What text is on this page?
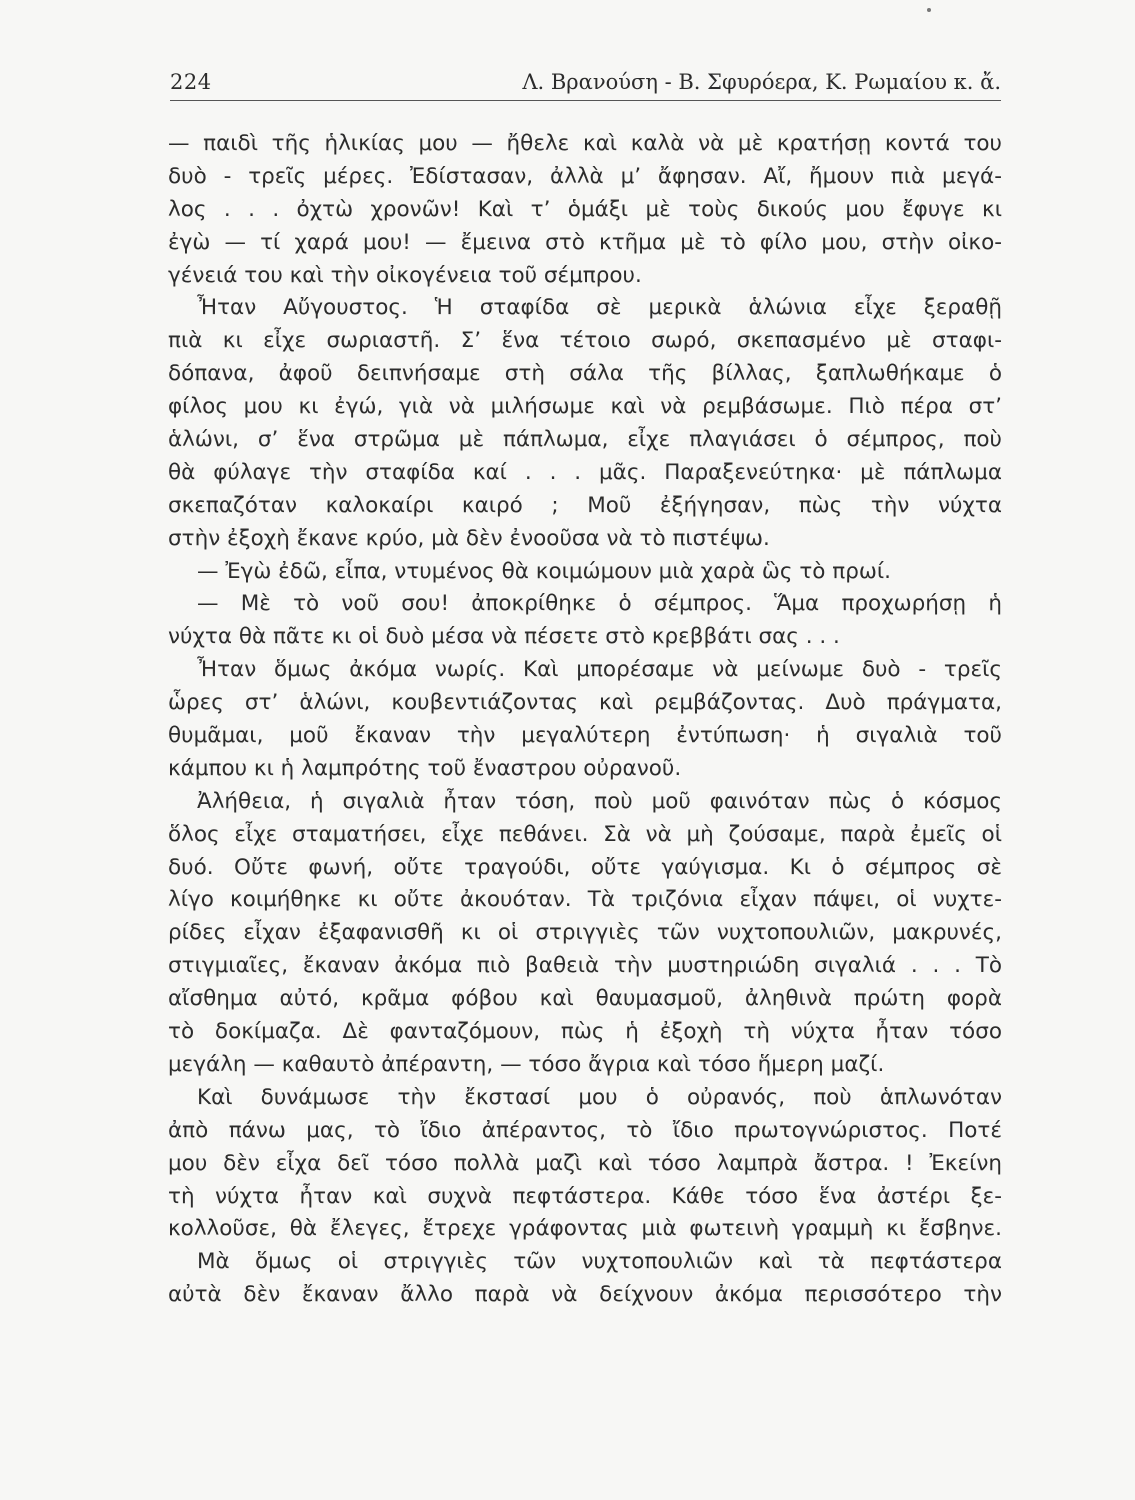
224	Λ. Βρανούση - Β. Σφυρόερα, Κ. Ρωμαίου κ. ἄ.
— παιδὶ τῆς ἡλικίας μου — ἤθελε καὶ καλὰ νὰ μὲ κρατήσῃ κοντά του
δυὸ - τρεῖς μέρες. Ἐδίστασαν, ἀλλὰ μ’ ἄφησαν. Αἴ, ἤμουν πιὰ μεγά-
λος . . . ὀχτὼ χρονῶν! Καὶ τ’ ὁμάξι μὲ τοὺς δικούς μου ἔφυγε κι
ἐγὼ — τί χαρά μου! — ἔμεινα στὸ κτῆμα μὲ τὸ φίλο μου, στὴν οἰκο-
γένειά του καὶ τὴν οἰκογένεια τοῦ σέμπρου.
Ἦταν Αὔγουστος. Ἡ σταφίδα σὲ μερικὰ ἁλώνια εἶχε ξεραθῇ
πιὰ κι εἶχε σωριαστῆ. Σ’ ἕνα τέτοιο σωρό, σκεπασμένο μὲ σταφι-
δόπανα, ἀφοῦ δειπνήσαμε στὴ σάλα τῆς βίλλας, ξαπλωθήκαμε ὁ
φίλος μου κι ἐγώ, γιὰ νὰ μιλήσωμε καὶ νὰ ρεμβάσωμε. Πιὸ πέρα στ’
ἁλώνι, σ’ ἕνα στρῶμα μὲ πάπλωμα, εἶχε πλαγιάσει ὁ σέμπρος, ποὺ
θὰ φύλαγε τὴν σταφίδα καί . . . μᾶς. Παραξενεύτηκα· μὲ πάπλωμα
σκεπαζόταν καλοκαίρι καιρό ; Μοῦ ἐξήγησαν, πὼς τὴν νύχτα
στὴν ἐξοχὴ ἔκανε κρύο, μὰ δὲν ἐνοοῦσα νὰ τὸ πιστέψω.
— Ἐγὼ ἐδῶ, εἶπα, ντυμένος θὰ κοιμώμουν μιὰ χαρὰ ὣς τὸ πρωί.
— Μὲ τὸ νοῦ σου! ἀποκρίθηκε ὁ σέμπρος. Ἅμα προχωρήσῃ ἡ
νύχτα θὰ πᾶτε κι οἱ δυὸ μέσα νὰ πέσετε στὸ κρεββάτι σας . . .
Ἦταν ὅμως ἀκόμα νωρίς. Καὶ μπορέσαμε νὰ μείνωμε δυὸ - τρεῖς
ὧρες στ’ ἁλώνι, κουβεντιάζοντας καὶ ρεμβάζοντας. Δυὸ πράγματα,
θυμᾶμαι, μοῦ ἔκαναν τὴν μεγαλύτερη ἐντύπωση· ἡ σιγαλιὰ τοῦ
κάμπου κι ἡ λαμπρότης τοῦ ἔναστρου οὐρανοῦ.
Ἀλήθεια, ἡ σιγαλιὰ ἦταν τόση, ποὺ μοῦ φαινόταν πὼς ὁ κόσμος
ὅλος εἶχε σταματήσει, εἶχε πεθάνει. Σὰ νὰ μὴ ζούσαμε, παρὰ ἐμεῖς οἱ
δυό. Οὔτε φωνή, οὔτε τραγούδι, οὔτε γαύγισμα. Κι ὁ σέμπρος σὲ
λίγο κοιμήθηκε κι οὔτε ἀκουόταν. Τὰ τριζόνια εἶχαν πάψει, οἱ νυχτε-
ρίδες εἶχαν ἐξαφανισθῆ κι οἱ στριγγιὲς τῶν νυχτοπουλιῶν, μακρυνές,
στιγμιαῖες, ἔκαναν ἀκόμα πιὸ βαθειὰ τὴν μυστηριώδη σιγαλιά . . . Τὸ
αἴσθημα αὐτό, κρᾶμα φόβου καὶ θαυμασμοῦ, ἀληθινὰ πρώτη φορὰ
τὸ δοκίμαζα. Δὲ φανταζόμουν, πὼς ἡ ἐξοχὴ τὴ νύχτα ἦταν τόσο
μεγάλη — καθαυτὸ ἀπέραντη, — τόσο ἄγρια καὶ τόσο ἥμερη μαζί.
Καὶ δυνάμωσε τὴν ἔκστασί μου ὁ οὐρανός, ποὺ ἁπλωνόταν
ἀπὸ πάνω μας, τὸ ἴδιο ἀπέραντος, τὸ ἴδιο πρωτογνώριστος. Ποτέ
μου δὲν εἶχα δεῖ τόσο πολλὰ μαζὶ καὶ τόσο λαμπρὰ ἄστρα. ! Ἐκείνη
τὴ νύχτα ἦταν καὶ συχνὰ πεφτάστερα. Κάθε τόσο ἕνα ἀστέρι ξε-
κολλοῦσε, θὰ ἔλεγες, ἔτρεχε γράφοντας μιὰ φωτεινὴ γραμμὴ κι ἔσβηνε.
Μὰ ὅμως οἱ στριγγιὲς τῶν νυχτοπουλιῶν καὶ τὰ πεφτάστερα
αὐτὰ δὲν ἔκαναν ἄλλο παρὰ νὰ δείχνουν ἀκόμα περισσότερο τὴν
